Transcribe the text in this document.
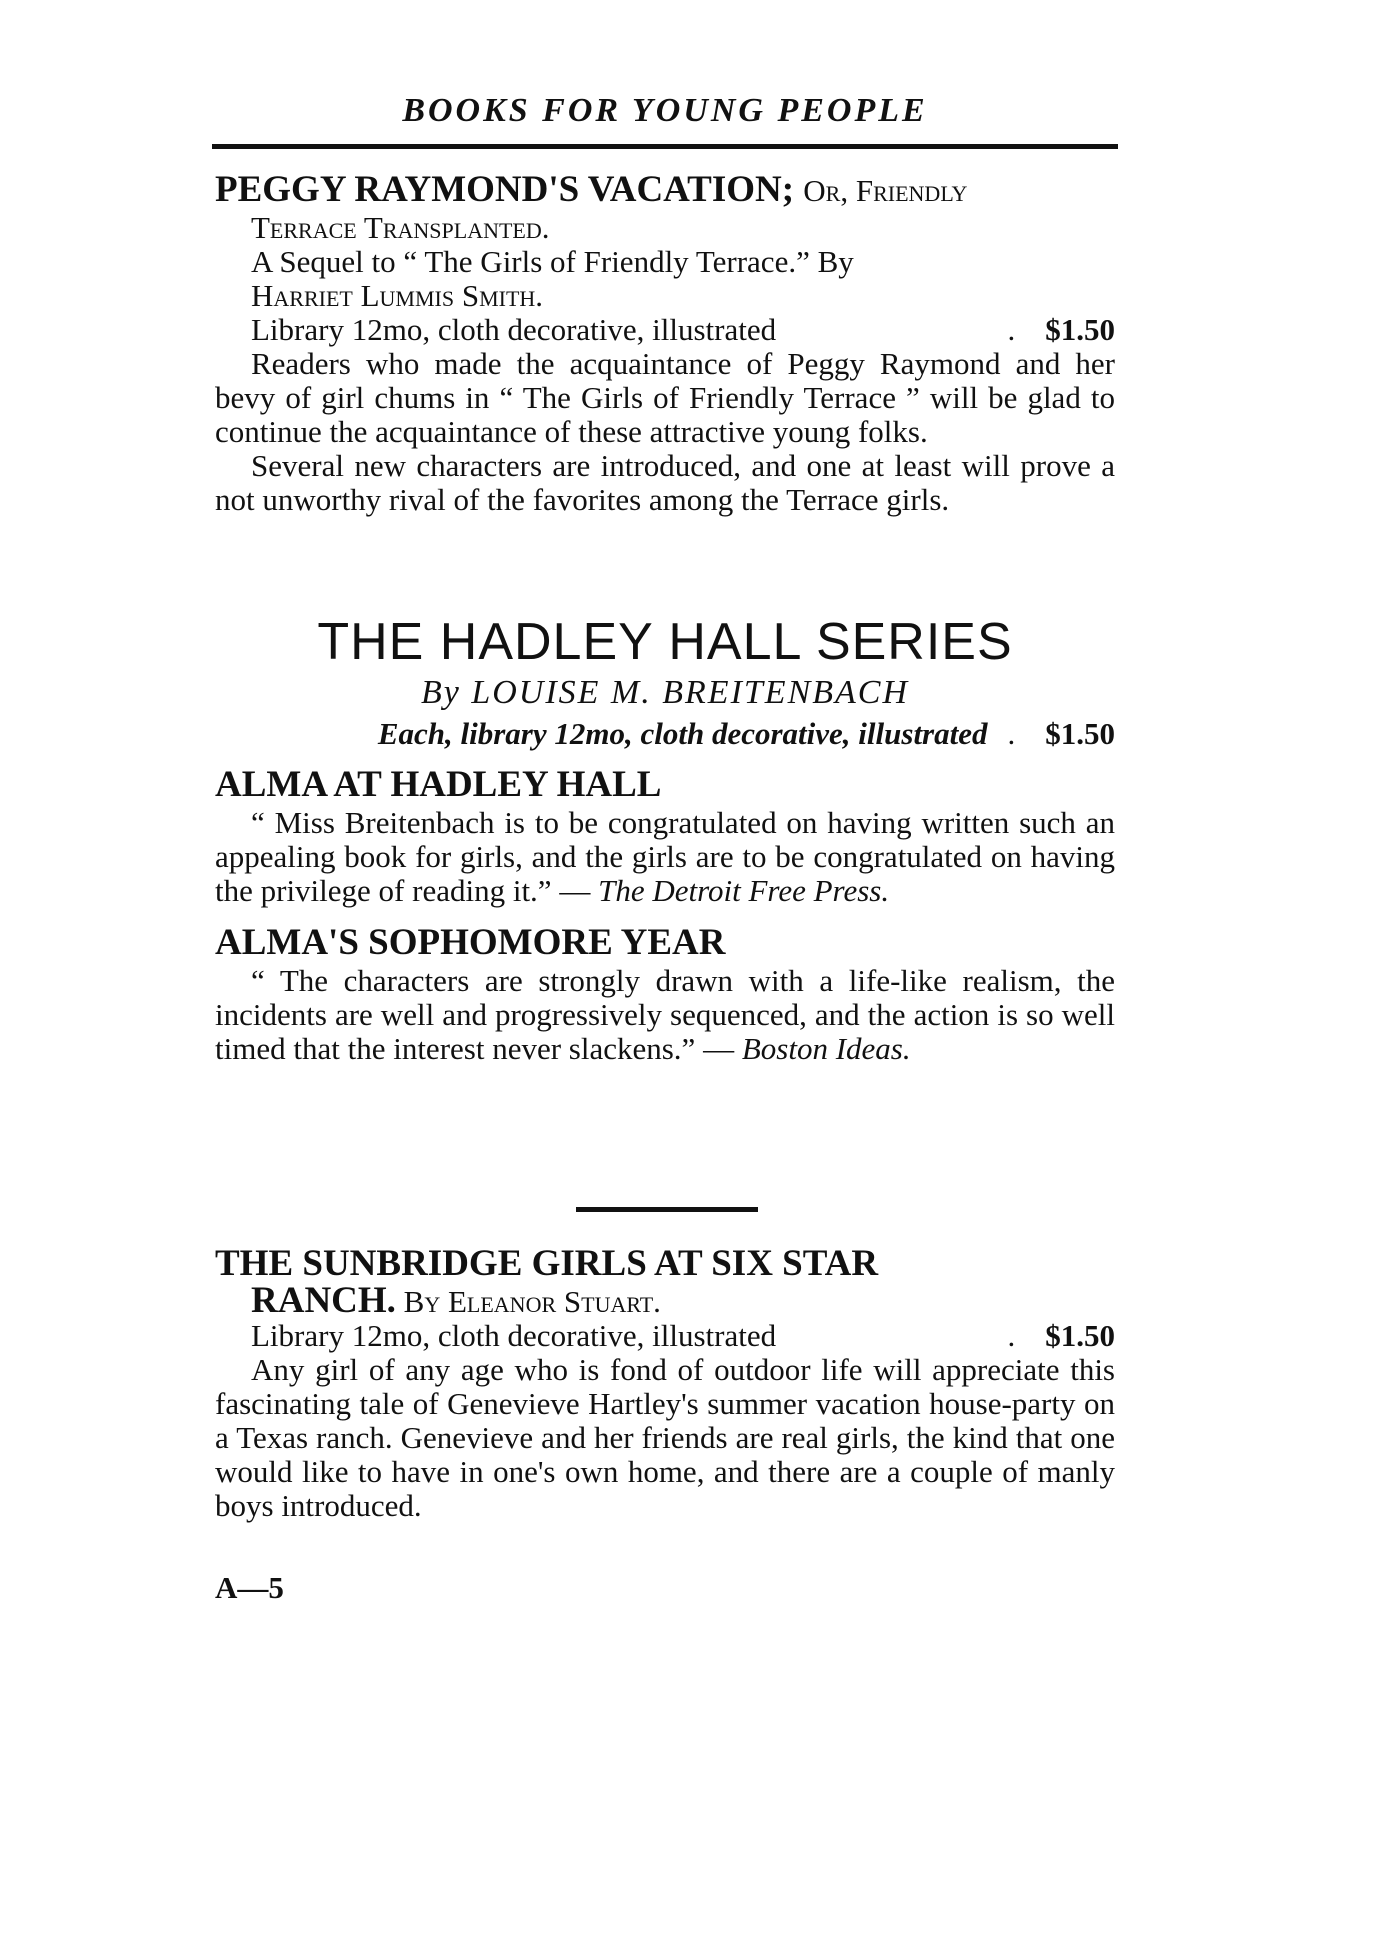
BOOKS FOR YOUNG PEOPLE

PEGGY RAYMOND'S VACATION; Or, Friendly

Terrace Transplanted.

A Sequel to “ The Girls of Friendly Terrace.” By

Harriet Lummis Smith.

Library 12mo, cloth decorative, illustrated	. $1.50

Readers who made the acquaintance of Peggy Raymond and her bevy of girl chums in “ The Girls of Friendly Terrace ” will be glad to continue the acquaintance of these attractive young folks.

Several new characters are introduced, and one at least will prove a not unworthy rival of the favorites among the Terrace girls.

THE HADLEY HALL SERIES

By LOUISE M. BREITENBACH

Each, library 12mo, cloth decorative, illustrated . $1.50

ALMA AT HADLEY HALL

“ Miss Breitenbach is to be congratulated on having written such an appealing book for girls, and the girls are to be congratulated on having the privilege of reading it.” — The Detroit Free Press.

ALMA'S SOPHOMORE YEAR

“ The characters are strongly drawn with a life-like realism, the incidents are well and progressively sequenced, and the action is so well timed that the interest never slackens.” — Boston Ideas.

THE SUNBRIDGE GIRLS AT SIX STAR

RANCH. By Eleanor Stuart.

Library 12mo, cloth decorative, illustrated	. $1.50

Any girl of any age who is fond of outdoor life will appreciate this fascinating tale of Genevieve Hartley's summer vacation house-party on a Texas ranch. Genevieve and her friends are real girls, the kind that one would like to have in one's own home, and there are a couple of manly boys introduced.

A—5
